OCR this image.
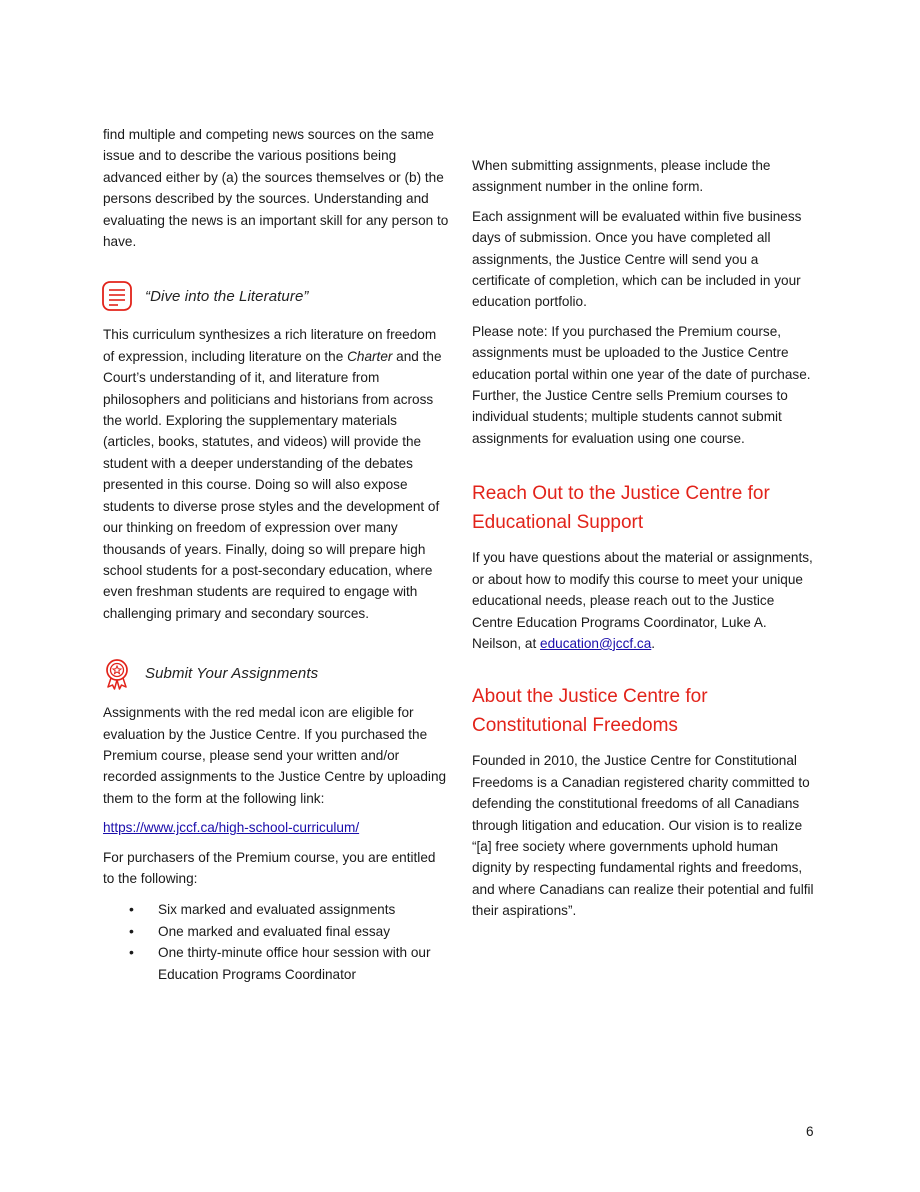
find multiple and competing news sources on the same issue and to describe the various positions being advanced either by (a) the sources themselves or (b) the persons described by the sources. Understanding and evaluating the news is an important skill for any person to have.

“Dive into the Literature”

This curriculum synthesizes a rich literature on freedom of expression, including literature on the Charter and the Court’s understanding of it, and literature from philosophers and politicians and historians from across the world. Exploring the supplementary materials (articles, books, statutes, and videos) will provide the student with a deeper understanding of the debates presented in this course. Doing so will also expose students to diverse prose styles and the development of our thinking on freedom of expression over many thousands of years. Finally, doing so will prepare high school students for a post-secondary education, where even freshman students are required to engage with challenging primary and secondary sources.

Submit Your Assignments

Assignments with the red medal icon are eligible for evaluation by the Justice Centre. If you purchased the Premium course, please send your written and/or recorded assignments to the Justice Centre by uploading them to the form at the following link:

https://www.jccf.ca/high-school-curriculum/

For purchasers of the Premium course, you are entitled to the following:

• Six marked and evaluated assignments
• One marked and evaluated final essay
• One thirty-minute office hour session with our Education Programs Coordinator

When submitting assignments, please include the assignment number in the online form.

Each assignment will be evaluated within five business days of submission. Once you have completed all assignments, the Justice Centre will send you a certificate of completion, which can be included in your education portfolio.

Please note: If you purchased the Premium course, assignments must be uploaded to the Justice Centre education portal within one year of the date of purchase. Further, the Justice Centre sells Premium courses to individual students; multiple students cannot submit assignments for evaluation using one course.

Reach Out to the Justice Centre for Educational Support

If you have questions about the material or assignments, or about how to modify this course to meet your unique educational needs, please reach out to the Justice Centre Education Programs Coordinator, Luke A. Neilson, at education@jccf.ca.

About the Justice Centre for Constitutional Freedoms

Founded in 2010, the Justice Centre for Constitutional Freedoms is a Canadian registered charity committed to defending the constitutional freedoms of all Canadians through litigation and education. Our vision is to realize “[a] free society where governments uphold human dignity by respecting fundamental rights and freedoms, and where Canadians can realize their potential and fulfil their aspirations”.

6
